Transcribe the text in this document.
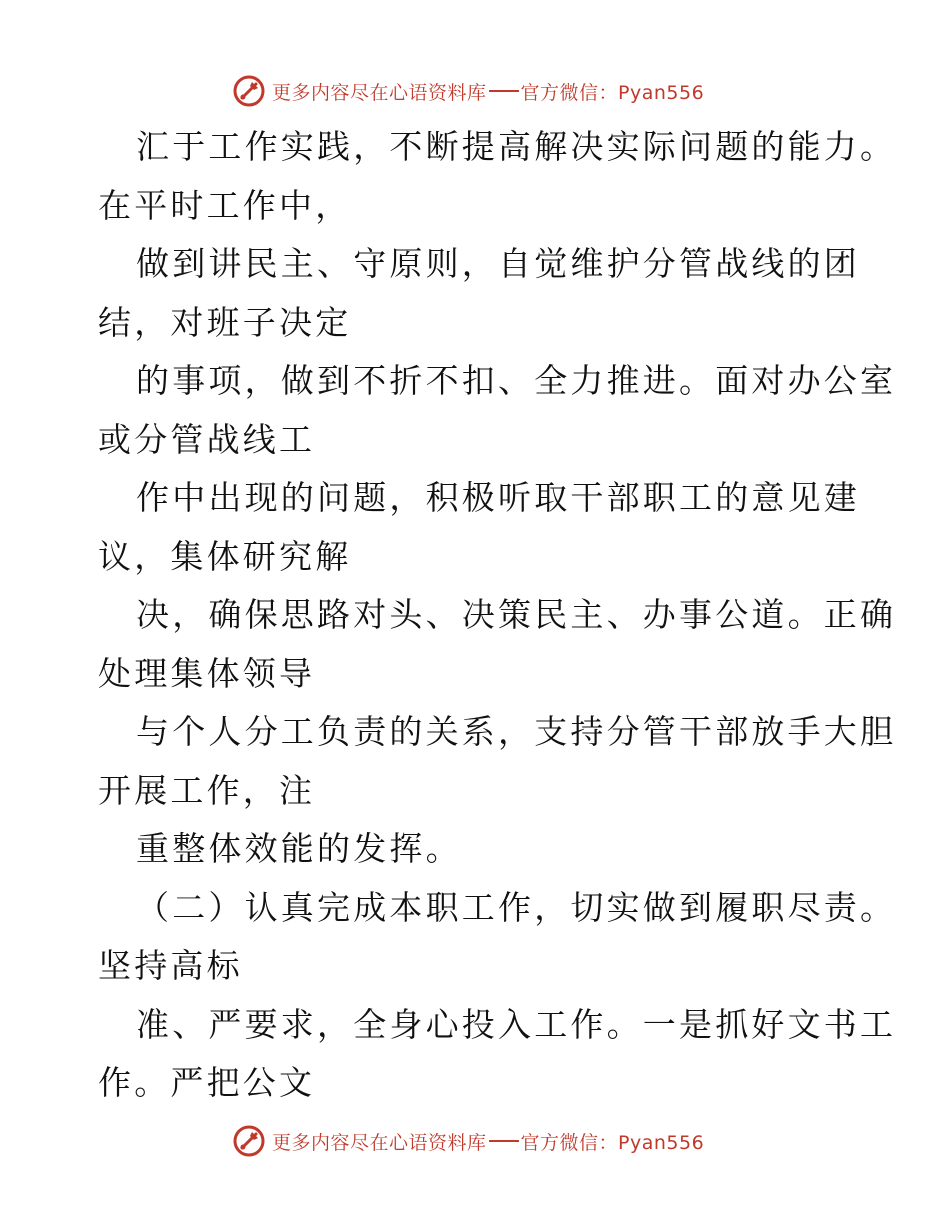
更多内容尽在心语资料库 官方微信：Pyan556
汇于工作实践，不断提高解决实际问题的能力。
在平时工作中，
做到讲民主、守原则，自觉维护分管战线的团
结，对班子决定
的事项，做到不折不扣、全力推进。面对办公室
或分管战线工
作中出现的问题，积极听取干部职工的意见建
议，集体研究解
决，确保思路对头、决策民主、办事公道。正确
处理集体领导
与个人分工负责的关系，支持分管干部放手大胆
开展工作，注
重整体效能的发挥。
（二）认真完成本职工作，切实做到履职尽责。
坚持高标
准、严要求，全身心投入工作。一是抓好文书工
作。严把公文
更多内容尽在心语资料库 官方微信：Pyan556
